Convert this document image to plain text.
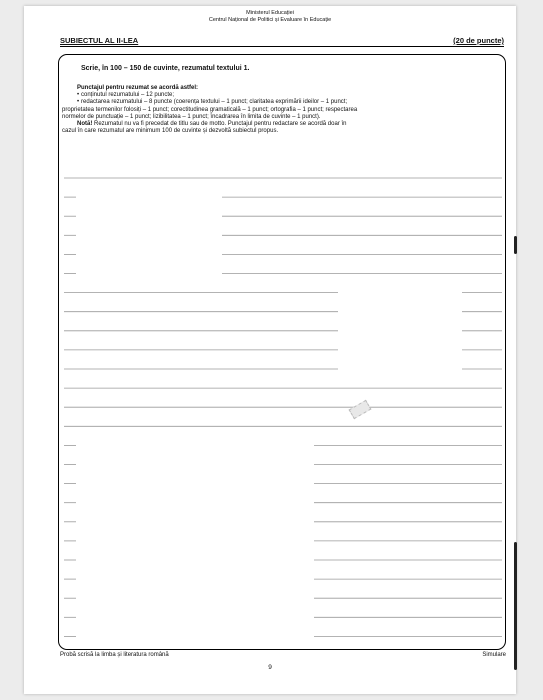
Ministerul Educației
Centrul Național de Politici și Evaluare în Educație
SUBIECTUL AL II-LEA	(20 de puncte)
Scrie, în 100 – 150 de cuvinte, rezumatul textului 1.
Punctajul pentru rezumat se acordă astfel:
• conținutul rezumatului – 12 puncte;
• redactarea rezumatului – 8 puncte (coerența textului – 1 punct; claritatea exprimării ideilor – 1 punct;
proprietatea termenilor folosiți – 1 punct; corectitudinea gramaticală – 1 punct; ortografia – 1 punct; respectarea
normelor de punctuație – 1 punct; lizibilitatea – 1 punct; încadrarea în limita de cuvinte – 1 punct).
Notă! Rezumatul nu va fi precedat de titlu sau de motto. Punctajul pentru redactare se acordă doar în
cazul în care rezumatul are minimum 100 de cuvinte și dezvoltă subiectul propus.
Probă scrisă la limba și literatura română	Simulare
9
